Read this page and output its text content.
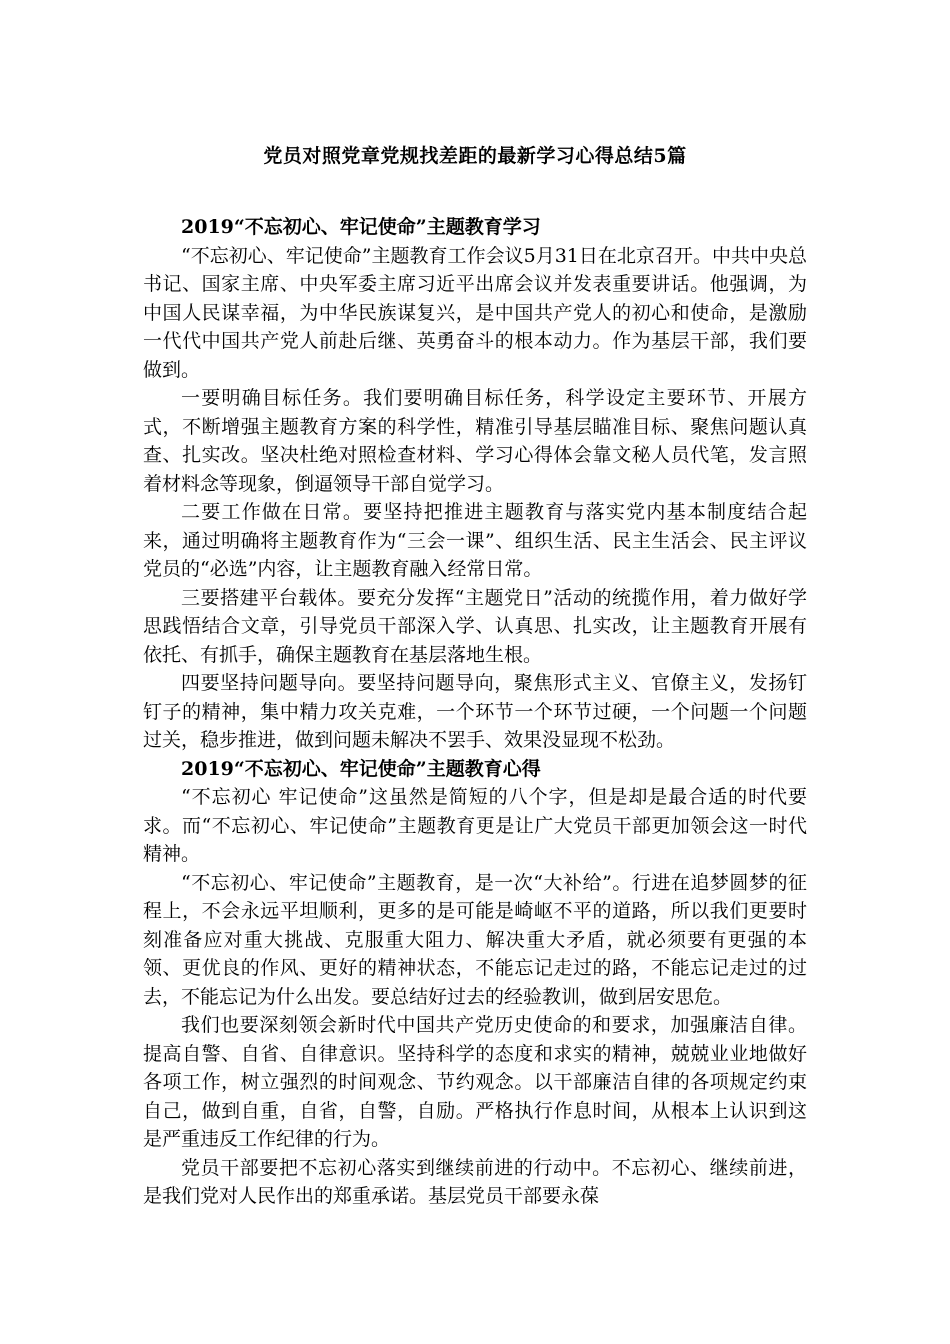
党员对照党章党规找差距的最新学习心得总结5篇
2019“不忘初心、牢记使命”主题教育学习

“不忘初心、牢记使命”主题教育工作会议5月31日在北京召开。中共中央总书记、国家主席、中央军委主席习近平出席会议并发表重要讲话。他强调，为中国人民谋幸福，为中华民族谋复兴，是中国共产党人的初心和使命，是激励一代代中国共产党人前赴后继、英勇奋斗的根本动力。作为基层干部，我们要做到。

一要明确目标任务。我们要明确目标任务，科学设定主要环节、开展方式，不断增强主题教育方案的科学性，精准引导基层瞄准目标、聚焦问题认真查、扎实改。坚决杜绝对照检查材料、学习心得体会靠文秘人员代笔，发言照着材料念等现象，倒逼领导干部自觉学习。

二要工作做在日常。要坚持把推进主题教育与落实党内基本制度结合起来，通过明确将主题教育作为“三会一课”、组织生活、民主生活会、民主评议党员的“必选”内容，让主题教育融入经常日常。

三要搭建平台载体。要充分发挥“主题党日”活动的统揽作用，着力做好学思践悟结合文章，引导党员干部深入学、认真思、扎实改，让主题教育开展有依托、有抓手，确保主题教育在基层落地生根。

四要坚持问题导向。要坚持问题导向，聚焦形式主义、官僚主义，发扬钉钉子的精神，集中精力攻关克难，一个环节一个环节过硬，一个问题一个问题过关，稳步推进，做到问题未解决不罢手、效果没显现不松劲。

2019“不忘初心、牢记使命”主题教育心得

“不忘初心 牢记使命”这虽然是简短的八个字，但是却是最合适的时代要求。而“不忘初心、牢记使命”主题教育更是让广大党员干部更加领会这一时代精神。

“不忘初心、牢记使命”主题教育，是一次“大补给”。行进在追梦圆梦的征程上，不会永远平坦顺利，更多的是可能是崎岖不平的道路，所以我们更要时刻准备应对重大挑战、克服重大阻力、解决重大矛盾，就必须要有更强的本领、更优良的作风、更好的精神状态，不能忘记走过的路，不能忘记走过的过去，不能忘记为什么出发。要总结好过去的经验教训，做到居安思危。

我们也要深刻领会新时代中国共产党历史使命的和要求，加强廉洁自律。提高自警、自省、自律意识。坚持科学的态度和求实的精神，兢兢业业地做好各项工作，树立强烈的时间观念、节约观念。以干部廉洁自律的各项规定约束自己，做到自重，自省，自警，自励。严格执行作息时间，从根本上认识到这是严重违反工作纪律的行为。

党员干部要把不忘初心落实到继续前进的行动中。不忘初心、继续前进，是我们党对人民作出的郑重承诺。基层党员干部要永葆
